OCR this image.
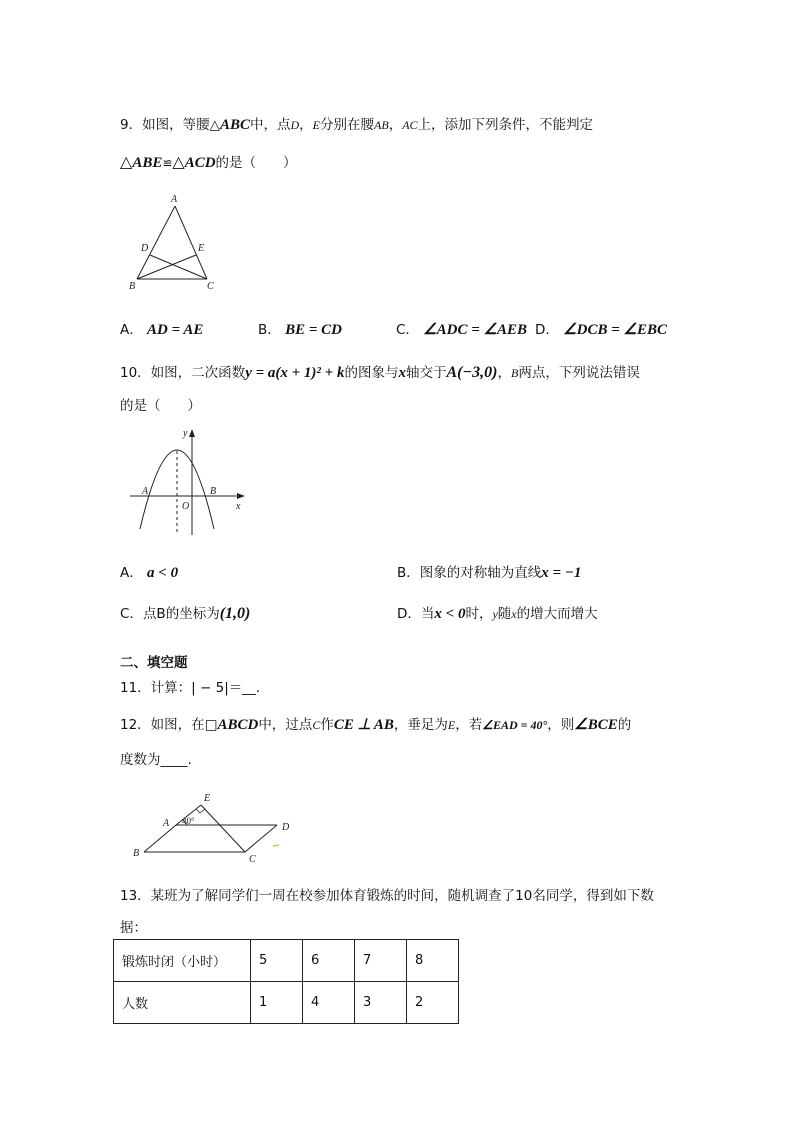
9．如图，等腰△ABC中，点D，E分别在腰AB，AC上，添加下列条件，不能判定
△ABE≌△ACD的是（　　）
A
D	E
B	C
A． AD = AE	B． BE = CD	C． ∠ADC = ∠AEB D． ∠DCB = ∠EBC
10．如图，二次函数y = a(x + 1)² + k的图象与x轴交于A(−3,0)，B两点，下列说法错误
的是（　　）
y
x
A	B
O
A． a < 0	B．图象的对称轴为直线x = −1
C．点B的坐标为(1,0)	D．当x < 0时，y随x的增大而增大
二、填空题
11．计算：| − 5|＝__.
12．如图，在□ABCD中，过点C作CE ⊥ AB，垂足为E，若∠EAD = 40°，则∠BCE的
度数为____.
E
A 40°
D
B
C
13．某班为了解同学们一周在校参加体育锻炼的时间，随机调查了10名同学，得到如下数
据：
锻炼时闭（小时）	5	6	7	8
人数	1	4	3	2
